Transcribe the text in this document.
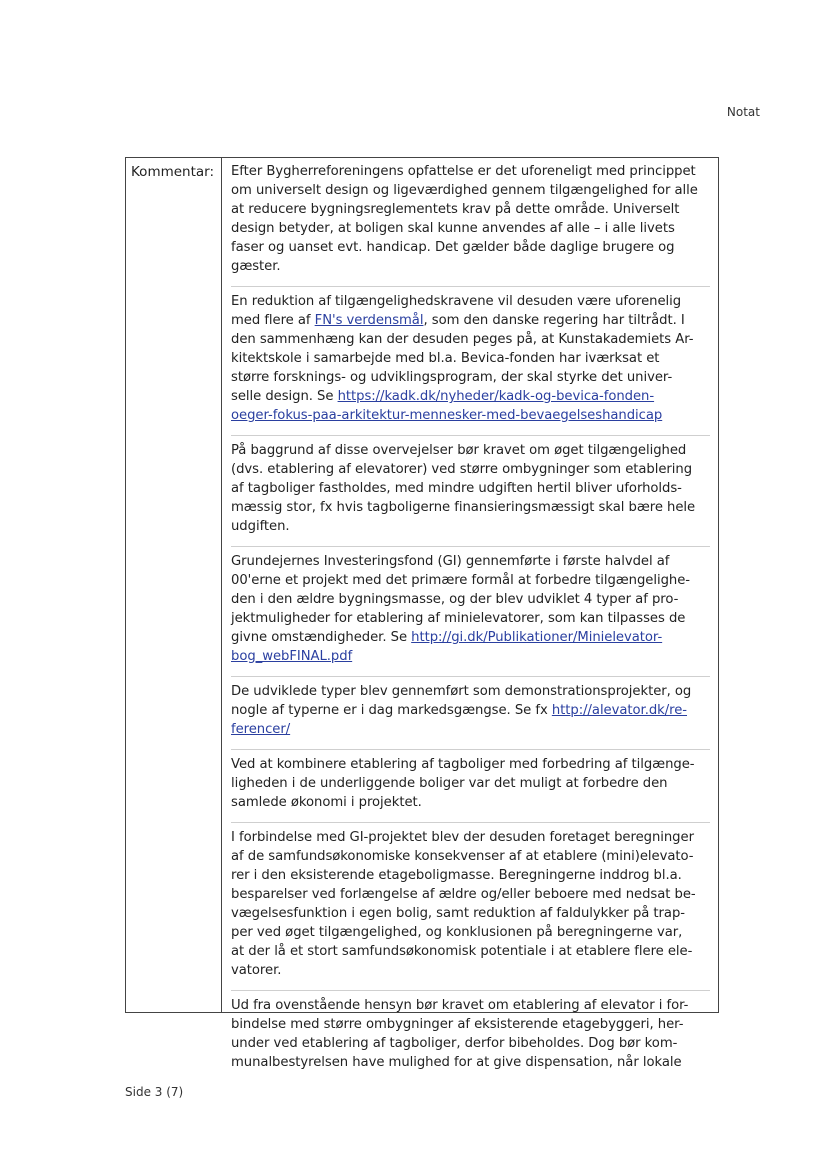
Notat
Kommentar:	Efter Bygherreforeningens opfattelse er det uforeneligt med princippet
om universelt design og ligeværdighed gennem tilgængelighed for alle
at reducere bygningsreglementets krav på dette område. Universelt
design betyder, at boligen skal kunne anvendes af alle – i alle livets
faser og uanset evt. handicap. Det gælder både daglige brugere og
gæster.
En reduktion af tilgængelighedskravene vil desuden være uforenelig
med flere af FN's verdensmål, som den danske regering har tiltrådt. I
den sammenhæng kan der desuden peges på, at Kunstakademiets Ar-
kitektskole i samarbejde med bl.a. Bevica-fonden har iværksat et
større forsknings- og udviklingsprogram, der skal styrke det univer-
selle design. Se https://kadk.dk/nyheder/kadk-og-bevica-fonden-
oeger-fokus-paa-arkitektur-mennesker-med-bevaegelseshandicap
På baggrund af disse overvejelser bør kravet om øget tilgængelighed
(dvs. etablering af elevatorer) ved større ombygninger som etablering
af tagboliger fastholdes, med mindre udgiften hertil bliver uforholds-
mæssig stor, fx hvis tagboligerne finansieringsmæssigt skal bære hele
udgiften.
Grundejernes Investeringsfond (GI) gennemførte i første halvdel af
00'erne et projekt med det primære formål at forbedre tilgængelighe-
den i den ældre bygningsmasse, og der blev udviklet 4 typer af pro-
jektmuligheder for etablering af minielevatorer, som kan tilpasses de
givne omstændigheder. Se http://gi.dk/Publikationer/Minielevator-
bog_webFINAL.pdf
De udviklede typer blev gennemført som demonstrationsprojekter, og
nogle af typerne er i dag markedsgængse. Se fx http://alevator.dk/re-
ferencer/
Ved at kombinere etablering af tagboliger med forbedring af tilgænge-
ligheden i de underliggende boliger var det muligt at forbedre den
samlede økonomi i projektet.
I forbindelse med GI-projektet blev der desuden foretaget beregninger
af de samfundsøkonomiske konsekvenser af at etablere (mini)elevato-
rer i den eksisterende etageboligmasse. Beregningerne inddrog bl.a.
besparelser ved forlængelse af ældre og/eller beboere med nedsat be-
vægelsesfunktion i egen bolig, samt reduktion af faldulykker på trap-
per ved øget tilgængelighed, og konklusionen på beregningerne var,
at der lå et stort samfundsøkonomisk potentiale i at etablere flere ele-
vatorer.
Ud fra ovenstående hensyn bør kravet om etablering af elevator i for-
bindelse med større ombygninger af eksisterende etagebyggeri, her-
under ved etablering af tagboliger, derfor bibeholdes. Dog bør kom-
munalbestyrelsen have mulighed for at give dispensation, når lokale
Side 3 (7)
